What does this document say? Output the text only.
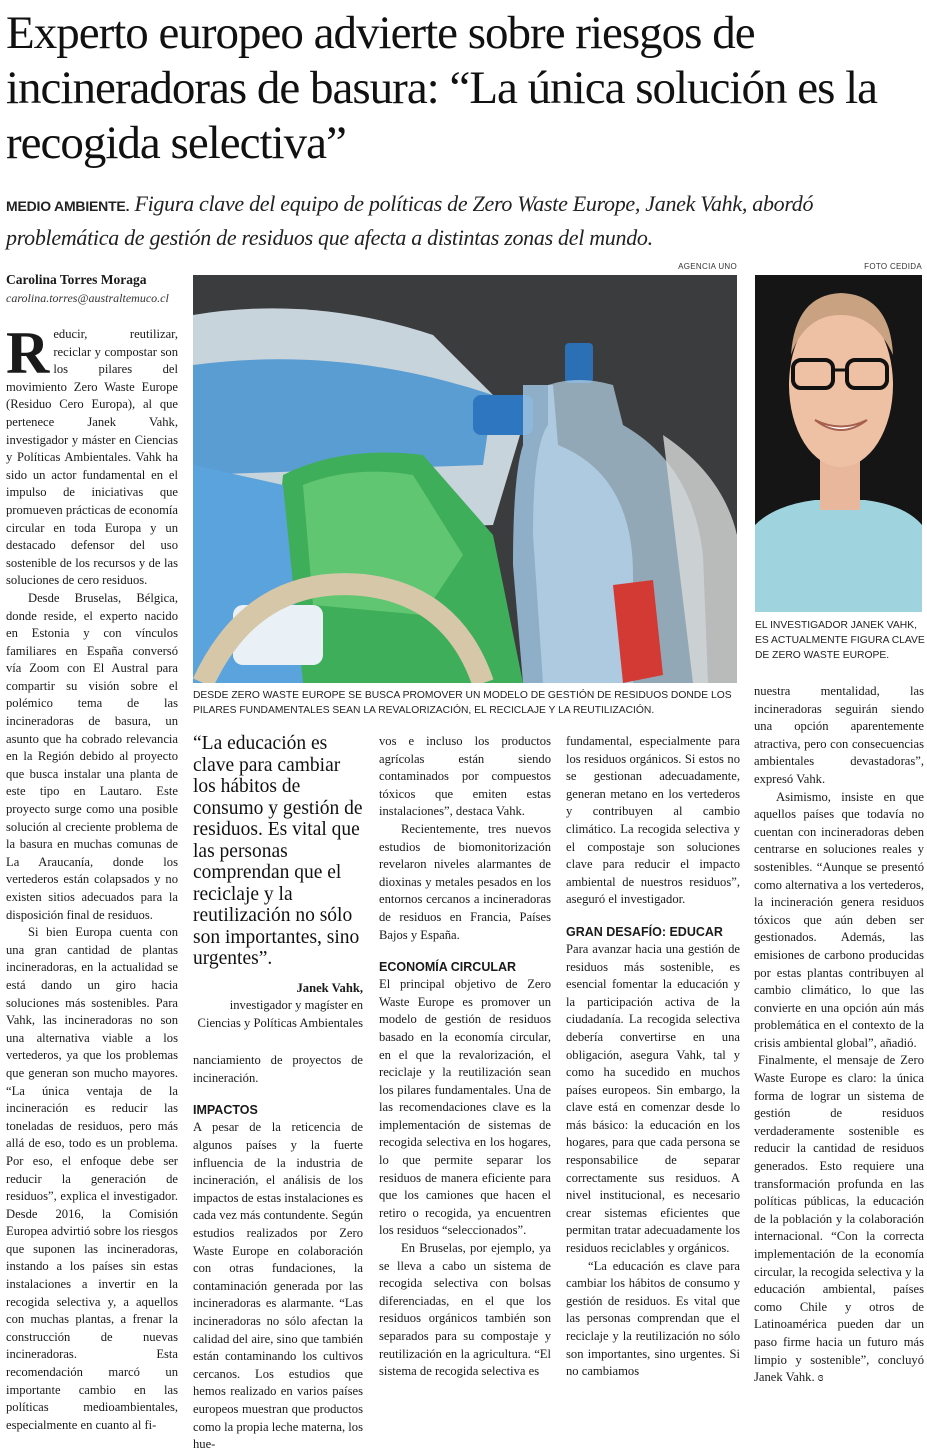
Experto europeo advierte sobre riesgos de incineradoras de basura: “La única solución es la recogida selectiva”
MEDIO AMBIENTE. Figura clave del equipo de políticas de Zero Waste Europe, Janek Vahk, abordó problemática de gestión de residuos que afecta a distintas zonas del mundo.
Carolina Torres Moraga
carolina.torres@australtemuco.cl
AGENCIA UNO
DESDE ZERO WASTE EUROPE SE BUSCA PROMOVER UN MODELO DE GESTIÓN DE RESIDUOS DONDE LOS PILARES FUNDAMENTALES SEAN LA REVALORIZACIÓN, EL RECICLAJE Y LA REUTILIZACIÓN.
FOTO CEDIDA
EL INVESTIGADOR JANEK VAHK, ES ACTUALMENTE FIGURA CLAVE DE ZERO WASTE EUROPE.

Reducir, reutilizar, reciclar y compostar son los pilares del movimiento Zero Waste Europe (Residuo Cero Europa), al que pertenece Janek Vahk, investigador y máster en Ciencias y Políticas Ambientales. Vahk ha sido un actor fundamental en el impulso de iniciativas que promueven prácticas de economía circular en toda Europa y un destacado defensor del uso sostenible de los recursos y de las soluciones de cero residuos.

Desde Bruselas, Bélgica, donde reside, el experto nacido en Estonia y con vínculos familiares en España conversó vía Zoom con El Austral para compartir su visión sobre el polémico tema de las incineradoras de basura, un asunto que ha cobrado relevancia en la Región debido al proyecto que busca instalar una planta de este tipo en Lautaro. Este proyecto surge como una posible solución al creciente problema de la basura en muchas comunas de La Araucanía, donde los vertederos están colapsados y no existen sitios adecuados para la disposición final de residuos.

Si bien Europa cuenta con una gran cantidad de plantas incineradoras, en la actualidad se está dando un giro hacia soluciones más sostenibles. Para Vahk, las incineradoras no son una alternativa viable a los vertederos, ya que los problemas que generan son mucho mayores. “La única ventaja de la incineración es reducir las toneladas de residuos, pero más allá de eso, todo es un problema. Por eso, el enfoque debe ser reducir la generación de residuos”, explica el investigador. Desde 2016, la Comisión Europea advirtió sobre los riesgos que suponen las incineradoras, instando a los países sin estas instalaciones a invertir en la recogida selectiva y, a aquellos con muchas plantas, a frenar la construcción de nuevas incineradoras. Esta recomendación marcó un importante cambio en las políticas medioambientales, especialmente en cuanto al fi-

“La educación es clave para cambiar los hábitos de consumo y gestión de residuos. Es vital que las personas comprendan que el reciclaje y la reutilización no sólo son importantes, sino urgentes”.
Janek Vahk,
investigador y magíster en Ciencias y Políticas Ambientales

nanciamiento de proyectos de incineración.

IMPACTOS

A pesar de la reticencia de algunos países y la fuerte influencia de la industria de incineración, el análisis de los impactos de estas instalaciones es cada vez más contundente. Según estudios realizados por Zero Waste Europe en colaboración con otras fundaciones, la contaminación generada por las incineradoras es alarmante. “Las incineradoras no sólo afectan la calidad del aire, sino que también están contaminando los cultivos cercanos. Los estudios que hemos realizado en varios países europeos muestran que productos como la propia leche materna, los hue-

vos e incluso los productos agrícolas están siendo contaminados por compuestos tóxicos que emiten estas instalaciones”, destaca Vahk.

Recientemente, tres nuevos estudios de biomonitorización revelaron niveles alarmantes de dioxinas y metales pesados en los entornos cercanos a incineradoras de residuos en Francia, Países Bajos y España.

ECONOMÍA CIRCULAR

El principal objetivo de Zero Waste Europe es promover un modelo de gestión de residuos basado en la economía circular, en el que la revalorización, el reciclaje y la reutilización sean los pilares fundamentales. Una de las recomendaciones clave es la implementación de sistemas de recogida selectiva en los hogares, lo que permite separar los residuos de manera eficiente para que los camiones que hacen el retiro o recogida, ya encuentren los residuos “seleccionados”.

En Bruselas, por ejemplo, ya se lleva a cabo un sistema de recogida selectiva con bolsas diferenciadas, en el que los residuos orgánicos también son separados para su compostaje y reutilización en la agricultura. “El sistema de recogida selectiva es

fundamental, especialmente para los residuos orgánicos. Si estos no se gestionan adecuadamente, generan metano en los vertederos y contribuyen al cambio climático. La recogida selectiva y el compostaje son soluciones clave para reducir el impacto ambiental de nuestros residuos”, aseguró el investigador.

GRAN DESAFÍO: EDUCAR

Para avanzar hacia una gestión de residuos más sostenible, es esencial fomentar la educación y la participación activa de la ciudadanía. La recogida selectiva debería convertirse en una obligación, asegura Vahk, tal y como ha sucedido en muchos países europeos. Sin embargo, la clave está en comenzar desde lo más básico: la educación en los hogares, para que cada persona se responsabilice de separar correctamente sus residuos. A nivel institucional, es necesario crear sistemas eficientes que permitan tratar adecuadamente los residuos reciclables y orgánicos.

“La educación es clave para cambiar los hábitos de consumo y gestión de residuos. Es vital que las personas comprendan que el reciclaje y la reutilización no sólo son importantes, sino urgentes. Si no cambiamos

nuestra mentalidad, las incineradoras seguirán siendo una opción aparentemente atractiva, pero con consecuencias ambientales devastadoras”, expresó Vahk.

Asimismo, insiste en que aquellos países que todavía no cuentan con incineradoras deben centrarse en soluciones reales y sostenibles. “Aunque se presentó como alternativa a los vertederos, la incineración genera residuos tóxicos que aún deben ser gestionados. Además, las emisiones de carbono producidas por estas plantas contribuyen al cambio climático, lo que las convierte en una opción aún más problemática en el contexto de la crisis ambiental global”, añadió.

Finalmente, el mensaje de Zero Waste Europe es claro: la única forma de lograr un sistema de gestión de residuos verdaderamente sostenible es reducir la cantidad de residuos generados. Esto requiere una transformación profunda en las políticas públicas, la educación de la población y la colaboración internacional. “Con la correcta implementación de la economía circular, la recogida selectiva y la educación ambiental, países como Chile y otros de Latinoamérica pueden dar un paso firme hacia un futuro más limpio y sostenible”, concluyó Janek Vahk. ɞ
